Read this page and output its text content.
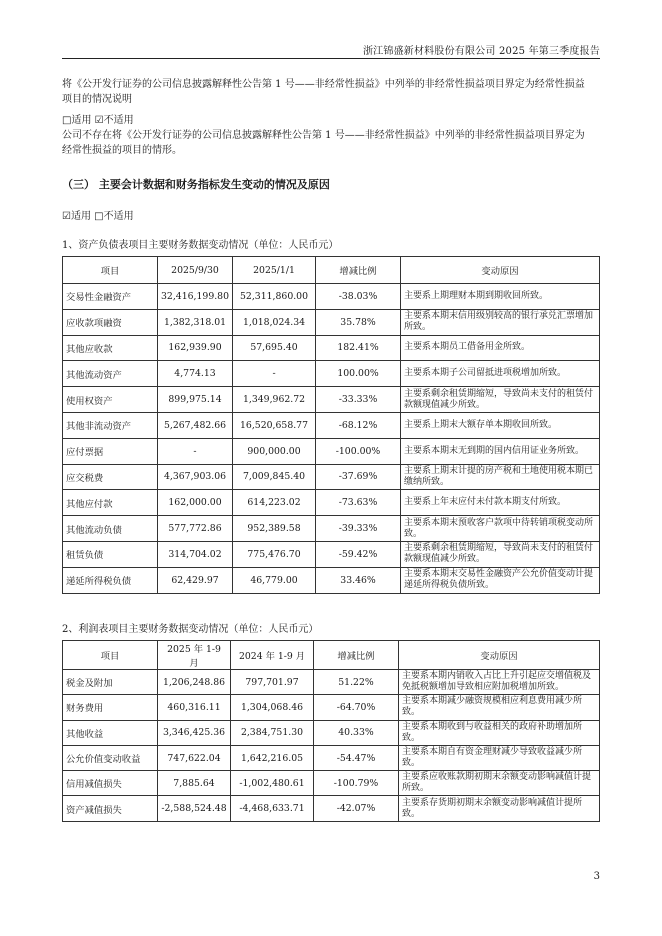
浙江锦盛新材料股份有限公司 2025 年第三季度报告
将《公开发行证券的公司信息披露解释性公告第 1 号——非经常性损益》中列举的非经常性损益项目界定为经常性损益
项目的情况说明
□适用 ☑不适用
公司不存在将《公开发行证券的公司信息披露解释性公告第 1 号——非经常性损益》中列举的非经常性损益项目界定为
经常性损益的项目的情形。
（三） 主要会计数据和财务指标发生变动的情况及原因
☑适用 □不适用
1、资产负债表项目主要财务数据变动情况（单位：人民币元）
项目	2025/9/30	2025/1/1	增减比例	变动原因
交易性金融资产	32,416,199.80	52,311,860.00	-38.03%	主要系上期理财本期到期收回所致。
应收款项融资	1,382,318.01	1,018,024.34	35.78%	主要系本期末信用级别较高的银行承兑汇票增加所致。
其他应收款	162,939.90	57,695.40	182.41%	主要系本期员工借备用金所致。
其他流动资产	4,774.13	-	100.00%	主要系本期子公司留抵进项税增加所致。
使用权资产	899,975.14	1,349,962.72	-33.33%	主要系剩余租赁期缩短，导致尚未支付的租赁付款额现值减少所致。
其他非流动资产	5,267,482.66	16,520,658.77	-68.12%	主要系上期末大额存单本期收回所致。
应付票据	-	900,000.00	-100.00%	主要系本期末无到期的国内信用证业务所致。
应交税费	4,367,903.06	7,009,845.40	-37.69%	主要系上期末计提的房产税和土地使用税本期已缴纳所致。
其他应付款	162,000.00	614,223.02	-73.63%	主要系上年末应付未付款本期支付所致。
其他流动负债	577,772.86	952,389.58	-39.33%	主要系本期末预收客户款项中待转销项税变动所致。
租赁负债	314,704.02	775,476.70	-59.42%	主要系剩余租赁期缩短，导致尚未支付的租赁付款额现值减少所致。
递延所得税负债	62,429.97	46,779.00	33.46%	主要系本期末交易性金融资产公允价值变动计提递延所得税负债所致。
2、利润表项目主要财务数据变动情况（单位：人民币元）
项目	2025 年 1-9 月	2024 年 1-9 月	增减比例	变动原因
税金及附加	1,206,248.86	797,701.97	51.22%	主要系本期内销收入占比上升引起应交增值税及免抵税额增加导致相应附加税增加所致。
财务费用	460,316.11	1,304,068.46	-64.70%	主要系本期减少融资规模相应利息费用减少所致。
其他收益	3,346,425.36	2,384,751.30	40.33%	主要系本期收到与收益相关的政府补助增加所致。
公允价值变动收益	747,622.04	1,642,216.05	-54.47%	主要系本期自有资金理财减少导致收益减少所致。
信用减值损失	7,885.64	-1,002,480.61	-100.79%	主要系应收账款期初期末余额变动影响减值计提所致。
资产减值损失	-2,588,524.48	-4,468,633.71	-42.07%	主要系存货期初期末余额变动影响减值计提所致。
3
